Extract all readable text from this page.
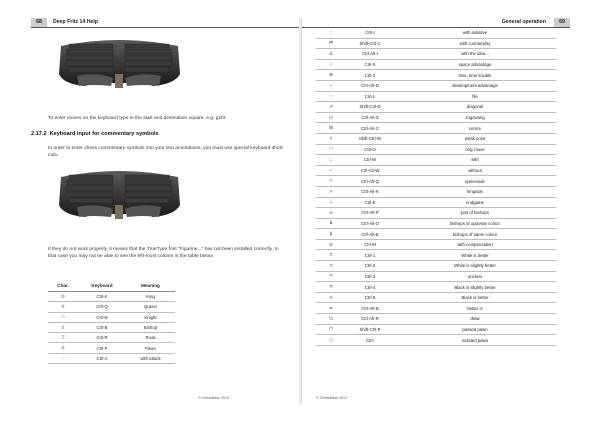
68	Deep Fritz 14 Help
To enter moves on the keyboard type in the start and destination square, e.g. g1f3.
2.17.2 Keyboard input for commentary symbols
In order to enter chess commentary symbols into your text annotations, you must use special keyboard short cuts.
If they do not work properly, it means that the TrueType font "Figurine..." has not been installed correctly. In that case you may not be able to see the left-most column in the table below.
Char.	Keyboard	Meaning
♔	Ctrl-K	King
♕	Ctrl-Q	Queen
♘	Ctrl-N	Knight
♗	Ctrl-B	Bishop
♖	Ctrl-R	Rook
♙	Ctrl-P	Pawn
→	Ctrl-A	with attack
© ChessBase 2013
General operation	69
↑	Ctrl-I	with initiative
⇄	Shift-Ctrl-C	with counterplay
∆	Ctrl-Alt-I	with the idea...
○	Ctrl-S	space advantage
⊕	Ctrl-Z	time, time trouble
○	Ctrl-Alt-D	development advantage
⇔	Ctrl-L	file
⇗	Shift-Ctrl-D	diagonal
⊙	Ctrl-Alt-Z	zugzwang
⊞	Ctrl-Alt-C	centre
×	Shift-Ctrl-W	weak point
□	Ctrl-O	only move
∟	Ctrl-W	with
⌐	Ctrl-Alt-W	without
<	Ctrl-Alt-Q	queenside
>	Ctrl-Alt-K	kingside
⊥	Ctrl-E	endgame
∞	Ctrl-Alt-P	pair of bishops
♝	Ctrl-Alt-O	bishops of opposite colour
♝	Ctrl-Alt-E	bishops of same colour
≅	Ctrl-M	with compensation
±	Ctrl-1	White is better
±	Ctrl-2	White is slightly better
=	Ctrl-3	unclear
∓	Ctrl-4	Black is slightly better
∓	Ctrl-5	Black is better
⌓	Ctrl-Alt-B	better is
½	Ctrl-Alt-R	draw
⊓	Shift-Ctrl-P	passed pawn
◇	Ctrl-	isolated pawn
© ChessBase 2013
